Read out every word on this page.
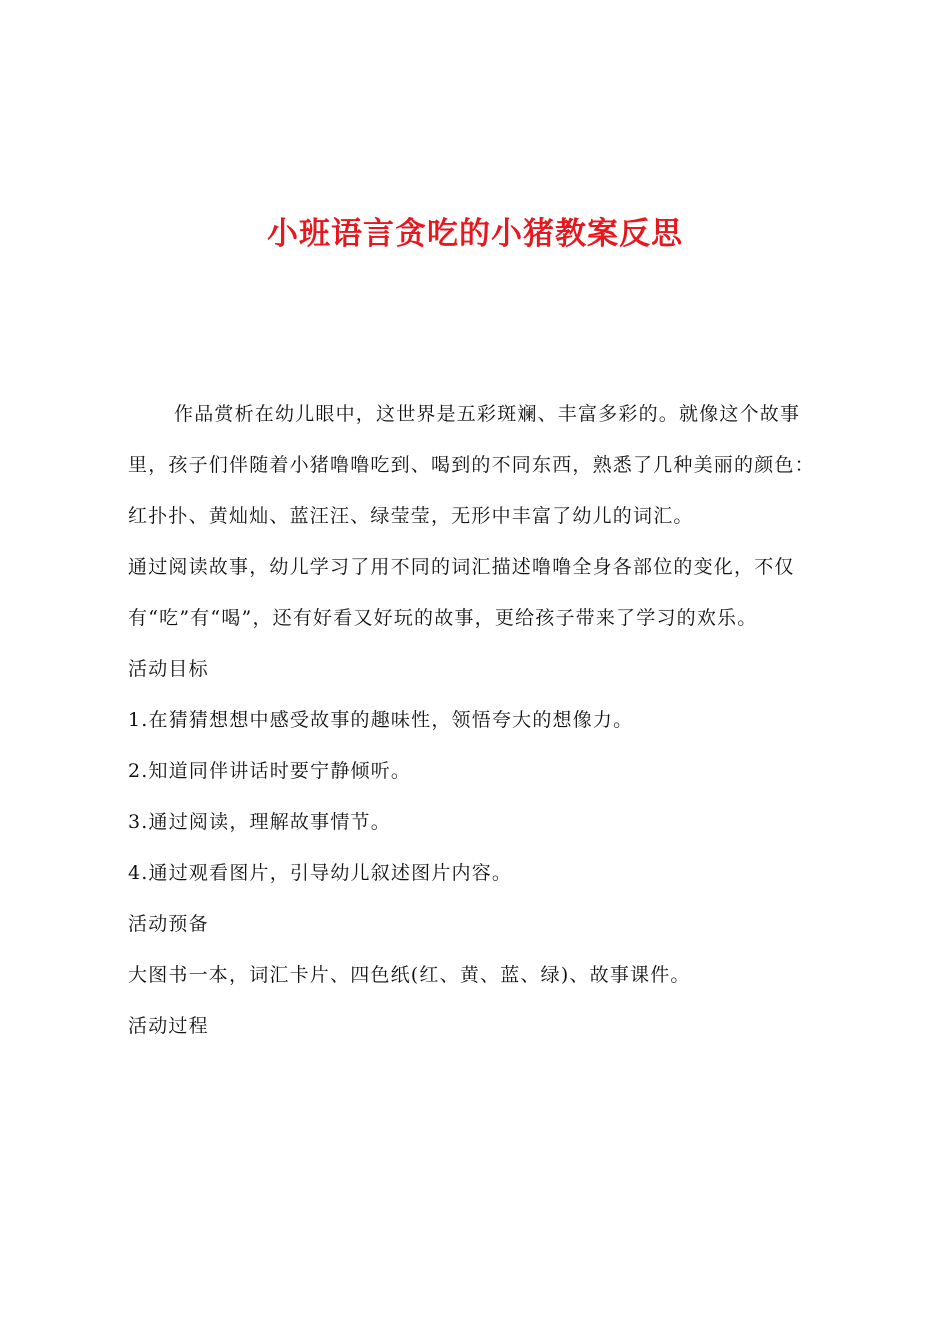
小班语言贪吃的小猪教案反思

作品赏析在幼儿眼中，这世界是五彩斑斓、丰富多彩的。就像这个故事里，孩子们伴随着小猪噜噜吃到、喝到的不同东西，熟悉了几种美丽的颜色：红扑扑、黄灿灿、蓝汪汪、绿莹莹，无形中丰富了幼儿的词汇。

通过阅读故事，幼儿学习了用不同的词汇描述噜噜全身各部位的变化，不仅有“吃”有“喝”，还有好看又好玩的故事，更给孩子带来了学习的欢乐。

活动目标

1.在猜猜想想中感受故事的趣味性，领悟夸大的想像力。

2.知道同伴讲话时要宁静倾听。

3.通过阅读，理解故事情节。

4.通过观看图片，引导幼儿叙述图片内容。

活动预备

大图书一本，词汇卡片、四色纸(红、黄、蓝、绿)、故事课件。

活动过程
